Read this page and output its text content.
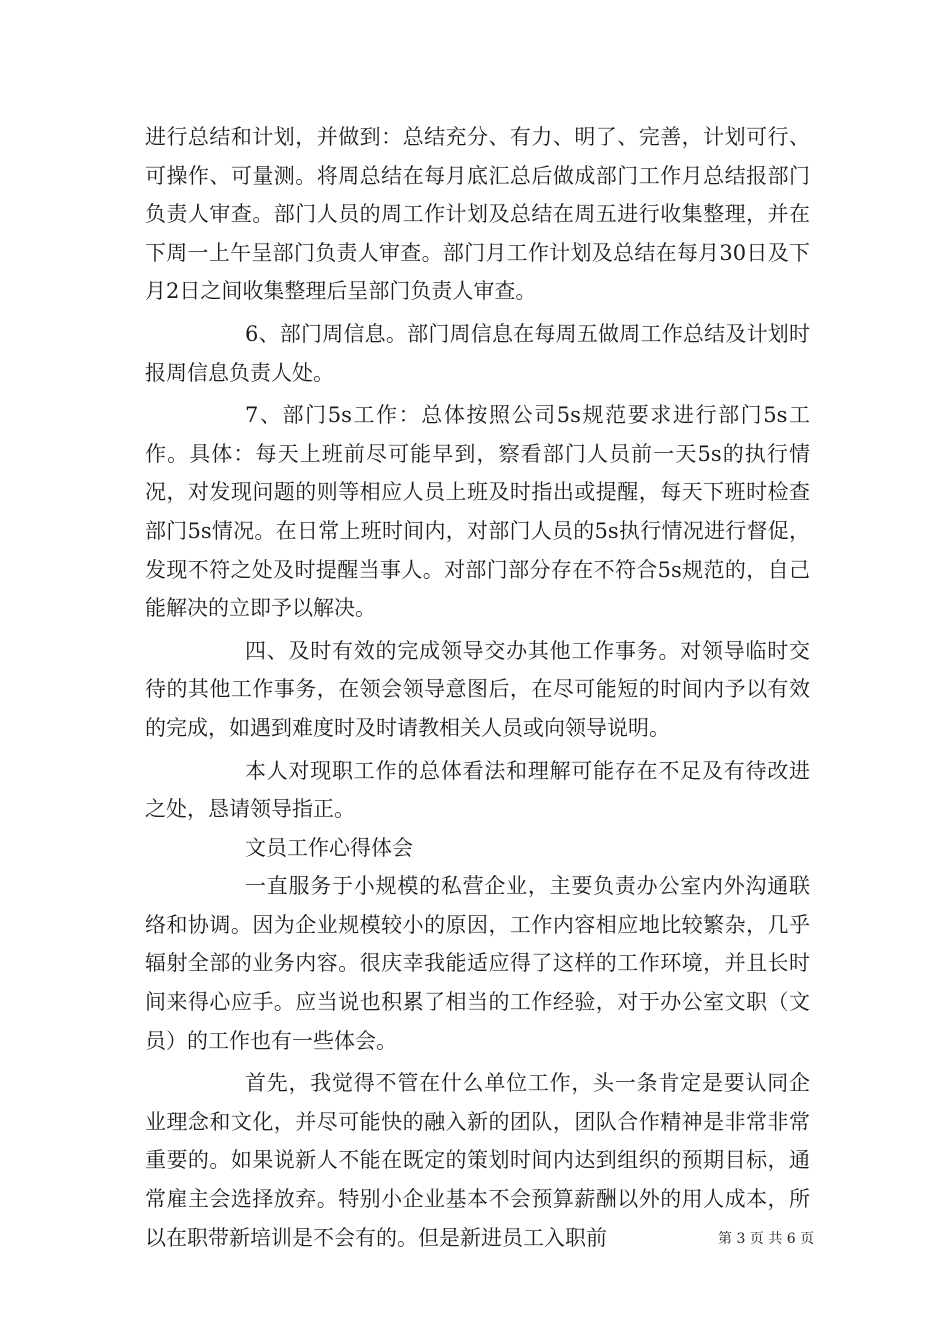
进行总结和计划，并做到：总结充分、有力、明了、完善，计划可行、可操作、可量测。将周总结在每月底汇总后做成部门工作月总结报部门负责人审查。部门人员的周工作计划及总结在周五进行收集整理，并在下周一上午呈部门负责人审查。部门月工作计划及总结在每月30日及下月2日之间收集整理后呈部门负责人审查。

6、部门周信息。部门周信息在每周五做周工作总结及计划时报周信息负责人处。

7、部门5s工作：总体按照公司5s规范要求进行部门5s工作。具体：每天上班前尽可能早到，察看部门人员前一天5s的执行情况，对发现问题的则等相应人员上班及时指出或提醒，每天下班时检查部门5s情况。在日常上班时间内，对部门人员的5s执行情况进行督促，发现不符之处及时提醒当事人。对部门部分存在不符合5s规范的，自己能解决的立即予以解决。

四、及时有效的完成领导交办其他工作事务。对领导临时交待的其他工作事务，在领会领导意图后，在尽可能短的时间内予以有效的完成，如遇到难度时及时请教相关人员或向领导说明。

本人对现职工作的总体看法和理解可能存在不足及有待改进之处，恳请领导指正。

文员工作心得体会

一直服务于小规模的私营企业，主要负责办公室内外沟通联络和协调。因为企业规模较小的原因，工作内容相应地比较繁杂，几乎辐射全部的业务内容。很庆幸我能适应得了这样的工作环境，并且长时间来得心应手。应当说也积累了相当的工作经验，对于办公室文职（文员）的工作也有一些体会。

首先，我觉得不管在什么单位工作，头一条肯定是要认同企业理念和文化，并尽可能快的融入新的团队，团队合作精神是非常非常重要的。如果说新人不能在既定的策划时间内达到组织的预期目标，通常雇主会选择放弃。特别小企业基本不会预算薪酬以外的用人成本，所以在职带新培训是不会有的。但是新进员工入职前	第 3 页 共 6 页
